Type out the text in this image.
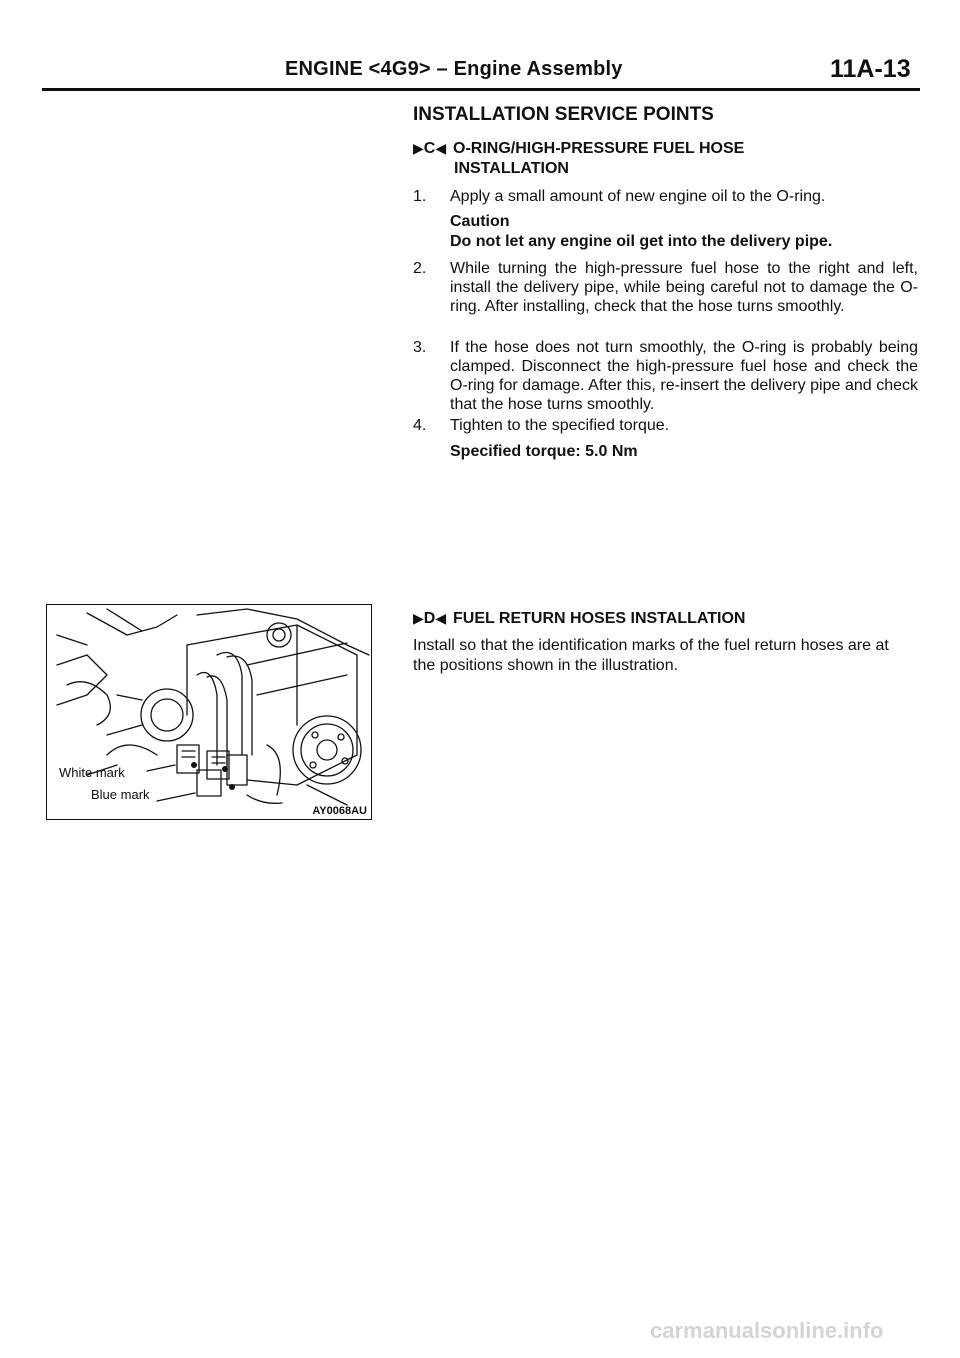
ENGINE <4G9> – Engine Assembly	11A-13
INSTALLATION SERVICE POINTS
▶C◀ O-RING/HIGH-PRESSURE FUEL HOSE
INSTALLATION
1.	Apply a small amount of new engine oil to the O-ring.
Caution
Do not let any engine oil get into the delivery pipe.
2.	While turning the high-pressure fuel hose to the right and left, install the delivery pipe, while being careful not to damage the O-ring. After installing, check that the hose turns smoothly.
3.	If the hose does not turn smoothly, the O-ring is probably being clamped. Disconnect the high-pressure fuel hose and check the O-ring for damage. After this, re-insert the delivery pipe and check that the hose turns smoothly.
4.	Tighten to the specified torque.
Specified torque: 5.0 Nm
▶D◀ FUEL RETURN HOSES INSTALLATION
Install so that the identification marks of the fuel return hoses are at the positions shown in the illustration.
White mark
Blue mark
AY0068AU
carmanualsonline.info
